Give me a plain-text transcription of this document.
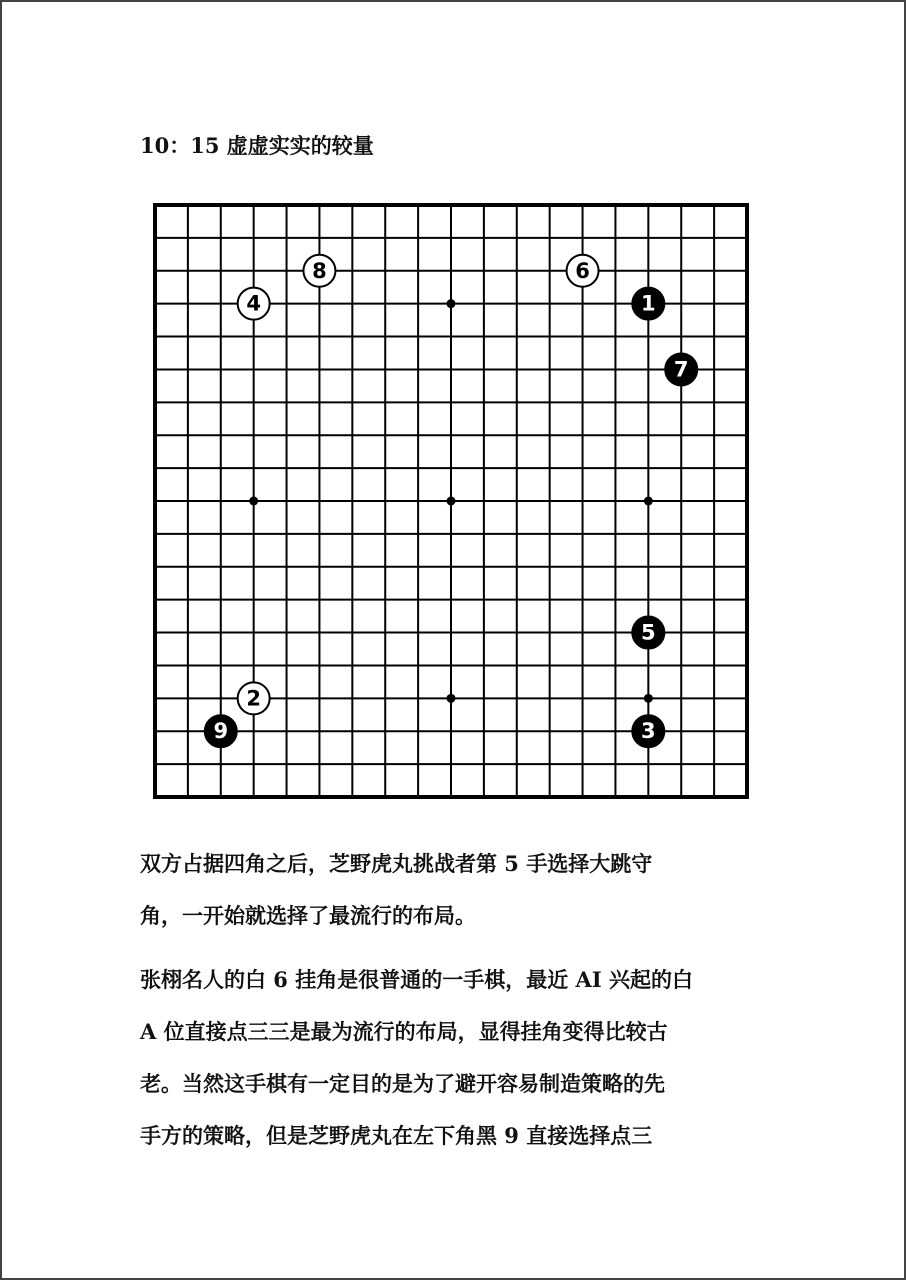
10：15 虚虚实实的较量
1
2
3
4
5
6
7
8
9
双方占据四角之后，芝野虎丸挑战者第 5 手选择大跳守
角，一开始就选择了最流行的布局。
张栩名人的白 6 挂角是很普通的一手棋，最近 AI 兴起的白
A 位直接点三三是最为流行的布局，显得挂角变得比较古
老。当然这手棋有一定目的是为了避开容易制造策略的先
手方的策略，但是芝野虎丸在左下角黑 9 直接选择点三
